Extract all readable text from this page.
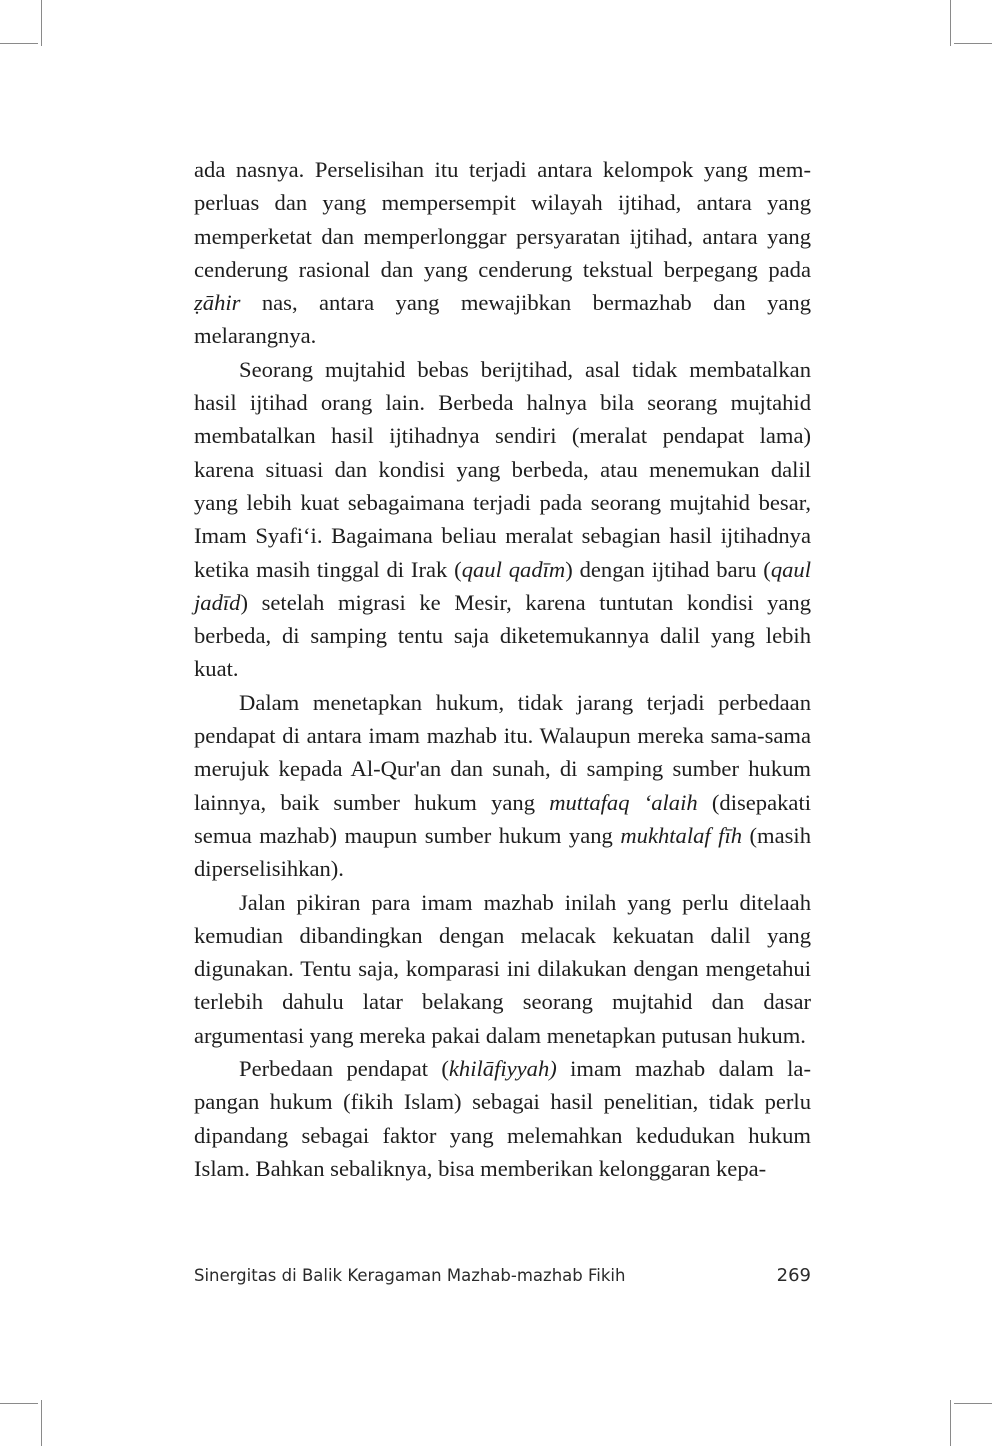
ada nasnya. Perselisihan itu terjadi antara kelompok yang memperluas dan yang mempersempit wilayah ijtihad, antara yang memperketat dan memperlonggar persyaratan ijtihad, antara yang cenderung rasional dan yang cenderung tekstual berpegang pada ẓāhir nas, antara yang mewajibkan bermazhab dan yang melarangnya.

Seorang mujtahid bebas berijtihad, asal tidak membatalkan hasil ijtihad orang lain. Berbeda halnya bila seorang mujtahid membatalkan hasil ijtihadnya sendiri (meralat pendapat lama) karena situasi dan kondisi yang berbeda, atau menemukan dalil yang lebih kuat sebagaimana terjadi pada seorang mujtahid besar, Imam Syafi‘i. Bagaimana beliau meralat sebagian hasil ijtihadnya ketika masih tinggal di Irak (qaul qadīm) dengan ijtihad baru (qaul jadīd) setelah migrasi ke Mesir, karena tuntutan kondisi yang berbeda, di samping tentu saja diketemukannya dalil yang lebih kuat.

Dalam menetapkan hukum, tidak jarang terjadi perbedaan pendapat di antara imam mazhab itu. Walaupun mereka sama-sama merujuk kepada Al-Qur'an dan sunah, di samping sumber hukum lainnya, baik sumber hukum yang muttafaq ‘alaih (disepakati semua mazhab) maupun sumber hukum yang mukhtalaf fīh (masih diperselisihkan).

Jalan pikiran para imam mazhab inilah yang perlu ditelaah kemudian dibandingkan dengan melacak kekuatan dalil yang digunakan. Tentu saja, komparasi ini dilakukan dengan mengetahui terlebih dahulu latar belakang seorang mujtahid dan dasar argumentasi yang mereka pakai dalam menetapkan putusan hukum.

Perbedaan pendapat (khilāfiyyah) imam mazhab dalam lapangan hukum (fikih Islam) sebagai hasil penelitian, tidak perlu dipandang sebagai faktor yang melemahkan kedudukan hukum Islam. Bahkan sebaliknya, bisa memberikan kelonggaran kepa-

Sinergitas di Balik Keragaman Mazhab-mazhab Fikih	269
